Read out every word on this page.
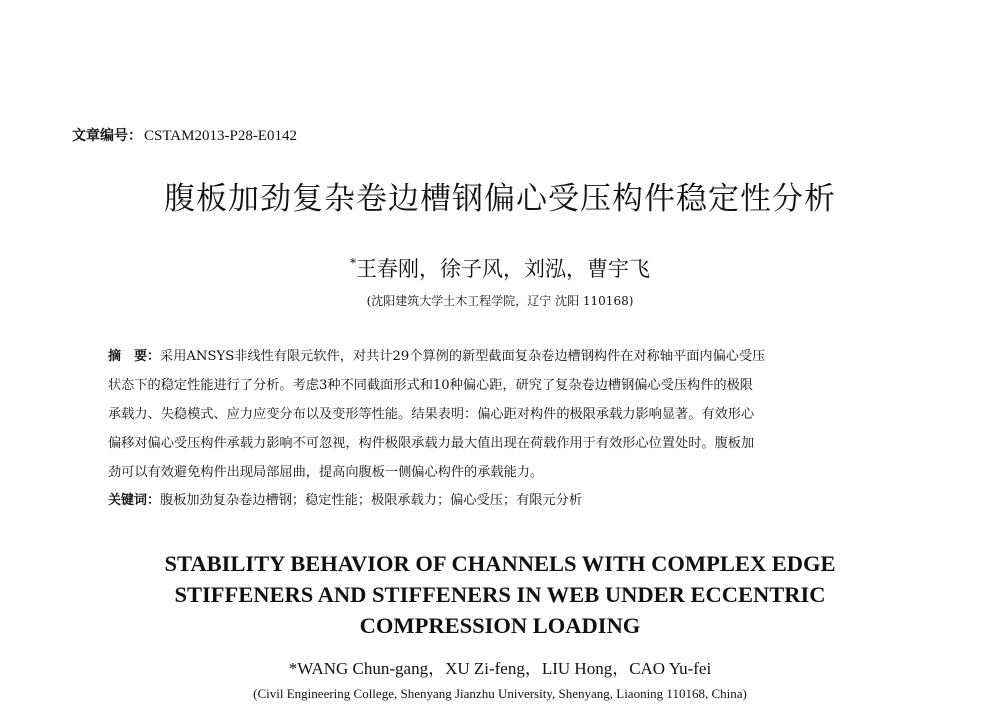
文章编号： CSTAM2013-P28-E0142
腹板加劲复杂卷边槽钢偏心受压构件稳定性分析
*王春刚，徐子风，刘泓，曹宇飞
(沈阳建筑大学土木工程学院，辽宁 沈阳 110168)
摘　要：采用ANSYS非线性有限元软件，对共计29个算例的新型截面复杂卷边槽钢构件在对称轴平面内偏心受压
状态下的稳定性能进行了分析。考虑3种不同截面形式和10种偏心距，研究了复杂卷边槽钢偏心受压构件的极限
承载力、失稳模式、应力应变分布以及变形等性能。结果表明：偏心距对构件的极限承载力影响显著。有效形心
偏移对偏心受压构件承载力影响不可忽视，构件极限承载力最大值出现在荷载作用于有效形心位置处时。腹板加
劲可以有效避免构件出现局部屈曲，提高向腹板一侧偏心构件的承载能力。
关键词：腹板加劲复杂卷边槽钢；稳定性能；极限承载力；偏心受压；有限元分析
STABILITY BEHAVIOR OF CHANNELS WITH COMPLEX EDGE
STIFFENERS AND STIFFENERS IN WEB UNDER ECCENTRIC
COMPRESSION LOADING
*WANG Chun-gang，XU Zi-feng，LIU Hong，CAO Yu-fei
(Civil Engineering College, Shenyang Jianzhu University, Shenyang, Liaoning 110168, China)
